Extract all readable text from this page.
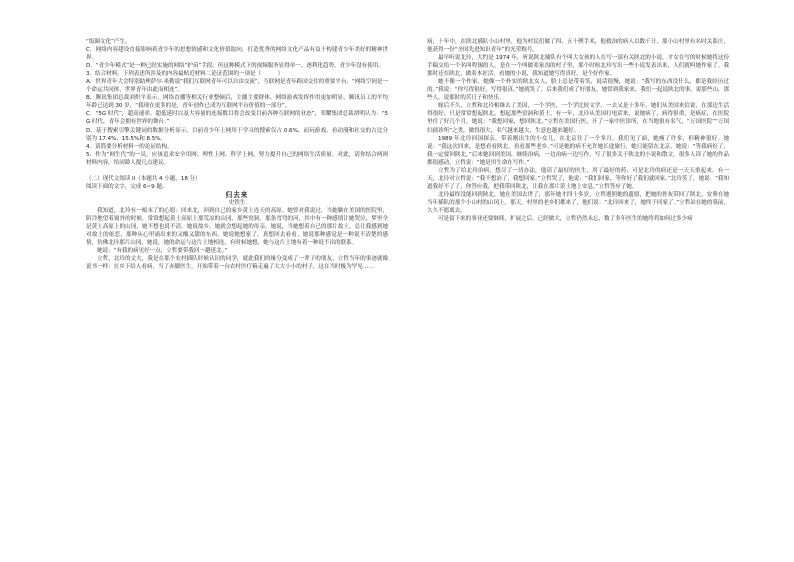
“饭圈文化”产生。

C．网络内容建设直接影响着青少年的思想情感和文化价值取向，打造优秀的网络文化产品有益于构建青少年美好的精神世界。

D．“青少年模式”是一种已经实施的网络“护苗”手段，但这种模式下的视频服务显得单一、逐利化趋势，青少年没有使用。

3．结合材料，下列表述所涉及的内容最贴近材料二论证范围的一项是（　　　）

A．世界青年大会特别助理萨尔·米勒说“我们互联网青年可以自由交流”，互联网是青年跨国交往的重要平台，“网络空间是一个命运共同体，世界青年由此而相连”。

B．腾讯集团总裁刘炽平表示，网络直播等相关行业整顿后，主播主要群体、网络游戏发挥作用更加明显，腾讯员工的平均年龄已达到 30 岁，“我现在更多的是，青年创作已成为互联网平台价值的一部分”。

C．“5G 时代”，超高速率、超低延时以及大容量的连接数目将会改变目前各种互联网的业态”，荣耀集团总裁胡明认为：“5G 时代，青年会拥有世界的舞台。”

D．基于搜索引擎关键词的数据分析显示，目前青少年上网用于学习的搜索仅占 0.6%，而玩游戏、看动漫和社交的占比分别为 17.4%、15.5%和 8.5%。

4．请简要分析材料一的论证结构。

5．作为“网生代”的一员，应该追求安全用网、理性上网、科学上网，努力提升自己的网络生活质量。对此，请你结合两则材料内容，给同龄人提几点建议。

（二）现代文阅读 II（本题共 4 小题，18 分）

阅读下面的文字，完成 6~9 题。

归去来

史铁生

我知道，北玲有一根末了的心愿：回来北，回到自己的家乡黄土连天的高原。她曾对我说过，当她躺在美国的医院里，阴冷地望着窗外的时候，常常想起黄土高原上那荒凉的山冈、那些窑洞、那条弯弯的河，其中有一种感情让她哭泣，梦里全是黄土高原上的山冈，她不想也说不清，她说故乡，她就会想起她的母亲。她说，当她想着自己的那片故土，总让我感到她对故土的依恋，那种从心里涌出来的又酸又甜的东西，她说她想家了，真想回去看看。她说那种感觉是一种说不清楚的感情，仿佛北玲那片山冈，她说，她的命运与这片土地相连，有时候她想，她与这片土地有着一种说不出的联系。

她说：“有我的病见好一点，立哲要带我回一趟延北。”

立哲，北玲的丈夫，我是在那个农村插队时候认识的同学，就此我们的缘分变成了一辈子的朋友，立哲当年的事迹就像说书一样：在乡下给人看病，当了赤脚医生，开始带着一台农村医疗箱走遍了大大小小的村子，这在当时极为罕见……

病，十年中，在陕北插队小山村里，他为村民们做了四、五十例手术，他救治的病人以数千计，那小山村里有名时关系庄，他获得一份“全国先进知识青年”的光荣称号。

最早听说北玲，大约是 1974 年，听说陕北插队有个叫大女孩的人在写一部有关陕北的小说，才女在写的时候她将这份手稿交给一个名叫程锡的人，是在一个叫做邓家沟的村子里，那个时候北玲写出一些小说发表出来，人们就叫她作家了。我那时还在陕北，做着木匠活，看她的小说，我知道她写得真好，是个好作家。

她不像一个作家，她像一个朴实的陕北女人，脸上总是带着笑，说话很慢，她说：“我写的东西没什么，都是我经历过的。”我说：“你写得很好，写得很真。”她就笑了。后来我们成了好朋友，她常到我家来，我们一起说陕北的事，说那些山，那些人，说那时的苦日子和快乐。

嫁后不久，立哲和北玲相继去了美国，一个学医，一个学比较文学，一去又是十多年。她们从美国来信说，在那边生活得很好，只是常常想起陕北，想起那些窑洞和黄土。有一年，北玲从美国打电话来，说她病了，病得很重，是癌症，在医院里住了好几个月。她说：“我想回家，想回陕北。”立哲在美国行医，开了一家中医诊所，在当地很有名气，“万国医院”“万国妇孺诊所”之类，做得很大，名气越来越大，生意也越来越好。

1989 年北玲回国探亲，带着刚出生的小女儿，在北京住了一个多月，我们见了面，她瘦了许多，但精神很好。她说：“我这次回来，是想看看陕北，看看那些老乡。”可是她的病不允许她长途旅行，她只能留在北京。她说：“等我病好了，我一定要回陕北。”后来她回到美国，继续治病，一边治病一边写作，写了很多关于陕北的小说和散文，很多人读了她的作品都很感动。立哲说：“她是用生命在写作。”

立哲为了给北玲治病，想尽了一切办法，他请了最好的医生，用了最好的药，可是北玲的病还是一天天重起来。有一天，北玲对立哲说：“我不想治了，我想回家。”立哲哭了，他说：“我们回家，等你好了我们就回家。”北玲笑了，她说：“我知道我好不了了，你答应我，把我带回陕北，让我在那片黄土地上安息。”立哲答应了她。

北玲最终没能回到陕北，她在美国去世了，那年她才四十多岁。立哲遵照她的遗愿，把她的骨灰带回了陕北，安葬在她当年插队的那个小山村的山冈上。那天，村里的老乡们都来了，他们说：“北玲回来了，她终于回家了。”立哲站在她的墓前，久久不愿离去。

可是留下来的事业还要继续，扩展之后，已经做大，立哲仍然未忘，数了多年医生的她终将如何过多少病
